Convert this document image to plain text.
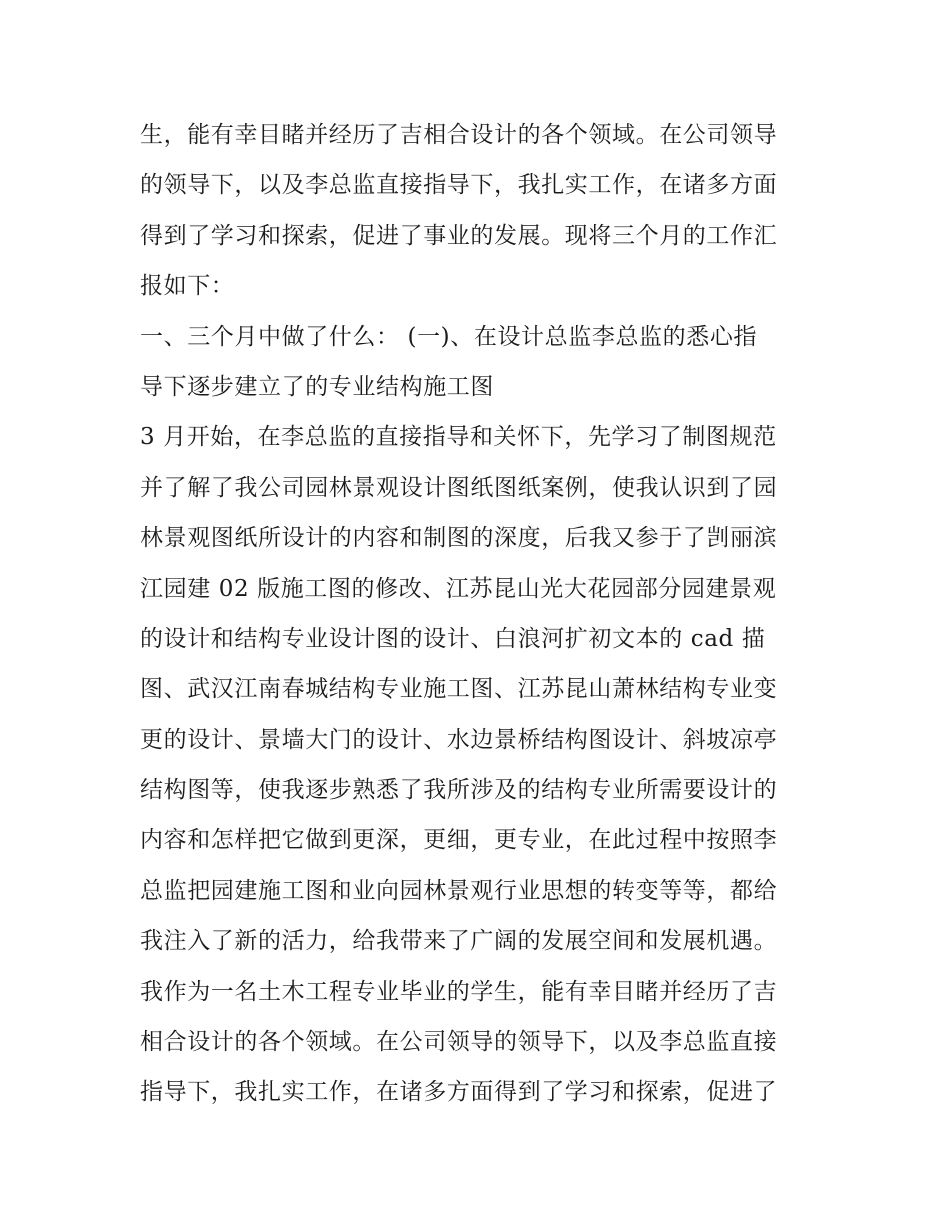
生，能有幸目睹并经历了吉相合设计的各个领域。在公司领导
的领导下，以及李总监直接指导下，我扎实工作，在诸多方面
得到了学习和探索，促进了事业的发展。现将三个月的工作汇
报如下：
一、三个月中做了什么： (一)、在设计总监李总监的悉心指
导下逐步建立了的专业结构施工图
3 月开始，在李总监的直接指导和关怀下，先学习了制图规范
并了解了我公司园林景观设计图纸图纸案例，使我认识到了园
林景观图纸所设计的内容和制图的深度，后我又参于了剀丽滨
江园建 02 版施工图的修改、江苏昆山光大花园部分园建景观
的设计和结构专业设计图的设计、白浪河扩初文本的 cad 描
图、武汉江南春城结构专业施工图、江苏昆山萧林结构专业变
更的设计、景墙大门的设计、水边景桥结构图设计、斜坡凉亭
结构图等，使我逐步熟悉了我所涉及的结构专业所需要设计的
内容和怎样把它做到更深，更细，更专业，在此过程中按照李
总监把园建施工图和业向园林景观行业思想的转变等等，都给
我注入了新的活力，给我带来了广阔的发展空间和发展机遇。
我作为一名土木工程专业毕业的学生，能有幸目睹并经历了吉
相合设计的各个领域。在公司领导的领导下，以及李总监直接
指导下，我扎实工作，在诸多方面得到了学习和探索，促进了
